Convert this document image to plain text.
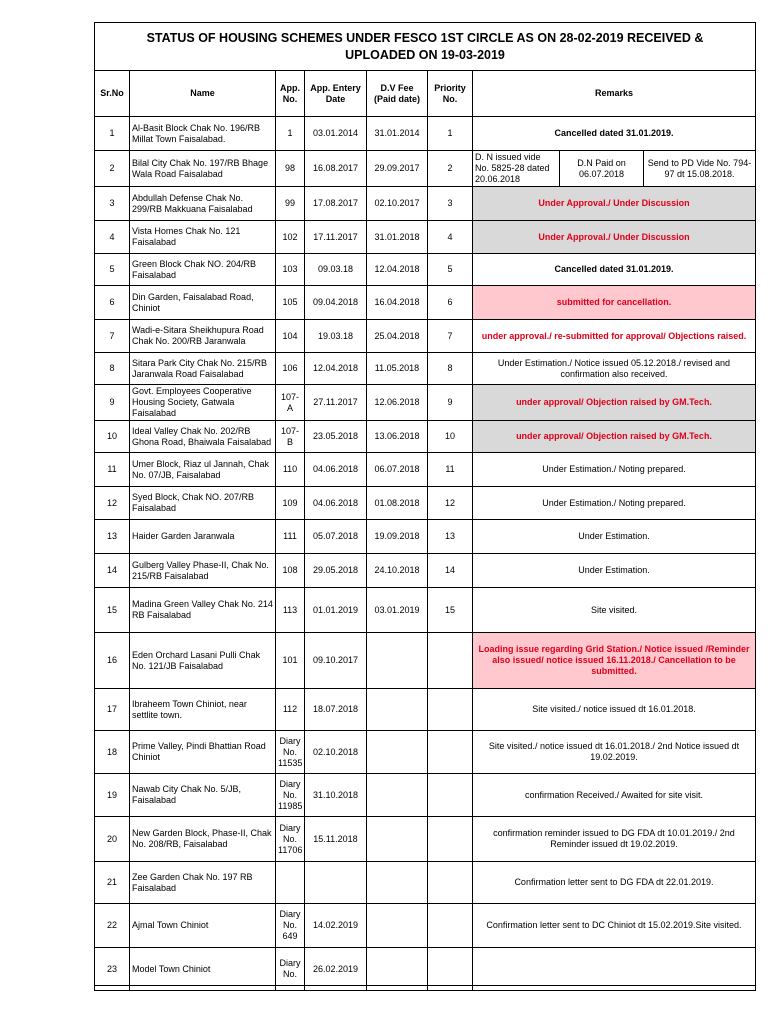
STATUS OF HOUSING SCHEMES UNDER FESCO 1ST CIRCLE AS ON 28-02-2019 RECEIVED &
UPLOADED ON 19-03-2019								

Sr.No	Name	App. No.	App. Entery Date	D.V Fee (Paid date)	Priority No.	Remarks		
1	Al-Basit Block Chak No. 196/RB Millat Town Faisalabad.	1	03.01.2014	31.01.2014	1	Cancelled dated 31.01.2019.		
2	Bilal City Chak No. 197/RB Bhage Wala Road Faisalabad	98	16.08.2017	29.09.2017	2	D. N issued vide No. 5825-28 dated 20.06.2018	D.N Paid on 06.07.2018	Send to PD Vide No. 794-97 dt 15.08.2018.
3	Abdullah Defense Chak No. 299/RB Makkuana Faisalabad	99	17.08.2017	02.10.2017	3	Under Approval./ Under Discussion		
4	Vista Homes Chak No. 121 Faisalabad	102	17.11.2017	31.01.2018	4	Under Approval./ Under Discussion		
5	Green Block Chak NO. 204/RB Faisalabad	103	09.03.18	12.04.2018	5	Cancelled dated 31.01.2019.		
6	Din Garden, Faisalabad Road, Chiniot	105	09.04.2018	16.04.2018	6	submitted for cancellation.		
7	Wadi-e-Sitara Sheikhupura Road Chak No. 200/RB Jaranwala	104	19.03.18	25.04.2018	7	under approval./ re-submitted for approval/ Objections raised.		
8	Sitara Park City Chak No. 215/RB Jaranwala Road Faisalabad	106	12.04.2018	11.05.2018	8	Under Estimation./ Notice issued 05.12.2018./ revised and confirmation also received.		
9	Govt. Employees Cooperative Housing Society, Gatwala Faisalabad	107-A	27.11.2017	12.06.2018	9	under approval/ Objection raised by GM.Tech.		
10	Ideal Valley Chak No. 202/RB Ghona Road, Bhaiwala Faisalabad	107-B	23.05.2018	13.06.2018	10	under approval/ Objection raised by GM.Tech.		
11	Umer Block, Riaz ul Jannah, Chak No. 07/JB, Faisalabad	110	04.06.2018	06.07.2018	11	Under Estimation./ Noting prepared.		
12	Syed Block, Chak NO. 207/RB Faisalabad	109	04.06.2018	01.08.2018	12	Under Estimation./ Noting prepared.		
13	Haider Garden Jaranwala	111	05.07.2018	19.09.2018	13	Under Estimation.		
14	Gulberg Valley Phase-II, Chak No. 215/RB Faisalabad	108	29.05.2018	24.10.2018	14	Under Estimation.		
15	Madina Green Valley Chak No. 214 RB Faisalabad	113	01.01.2019	03.01.2019	15	Site visited.		
16	Eden Orchard Lasani Pulli Chak No. 121/JB Faisalabad	101	09.10.2017			Loading issue regarding Grid Station./ Notice issued /Reminder also issued/ notice issued 16.11.2018./ Cancellation to be submitted.		
17	Ibraheem Town Chiniot, near settlite town.	112	18.07.2018			Site visited./ notice issued dt 16.01.2018.		
18	Prime Valley, Pindi Bhattian Road Chiniot	Diary No. 11535	02.10.2018			Site visited./ notice issued dt 16.01.2018./ 2nd Notice issued dt 19.02.2019.		
19	Nawab City Chak No. 5/JB, Faisalabad	Diary No. 11985	31.10.2018			confirmation Received./ Awaited for site visit.		
20	New Garden Block, Phase-II, Chak No. 208/RB, Faisalabad	Diary No. 11706	15.11.2018			confirmation reminder issued to DG FDA dt 10.01.2019./ 2nd Reminder issued dt 19.02.2019.		
21	Zee Garden Chak No. 197 RB Faisalabad					Confirmation letter sent to DG FDA dt 22.01.2019.		
22	Ajmal Town Chiniot	Diary No. 649	14.02.2019			Confirmation letter sent to DC Chiniot dt 15.02.2019.Site visited.		
23	Model Town Chiniot	Diary No.	26.02.2019					
